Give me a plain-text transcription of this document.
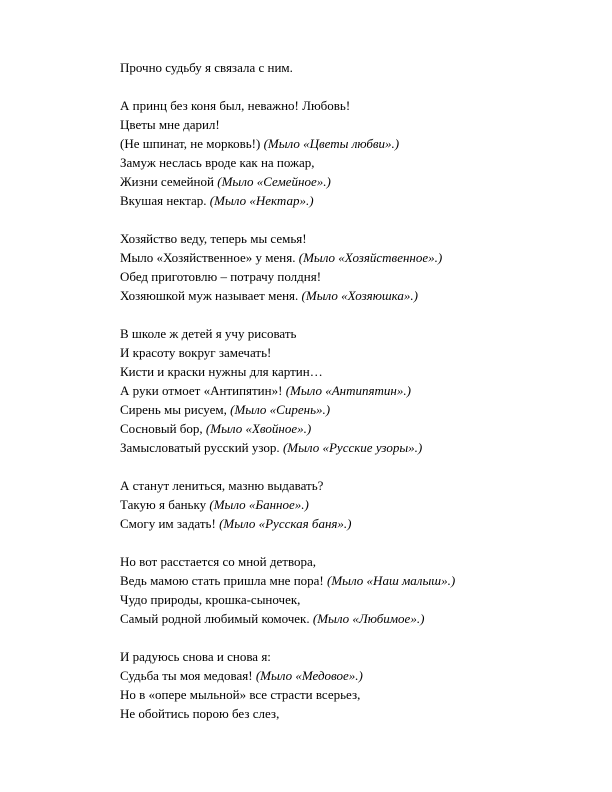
Прочно судьбу я связала с ним.
А принц без коня был, неважно! Любовь!
Цветы мне дарил!
(Не шпинат, не морковь!) (Мыло «Цветы любви».)
Замуж неслась вроде как на пожар,
Жизни семейной (Мыло «Семейное».)
Вкушая нектар. (Мыло «Нектар».)
Хозяйство веду, теперь мы семья!
Мыло «Хозяйственное» у меня. (Мыло «Хозяйственное».)
Обед приготовлю – потрачу полдня!
Хозяюшкой муж называет меня. (Мыло «Хозяюшка».)
В школе ж детей я учу рисовать
И красоту вокруг замечать!
Кисти и краски нужны для картин…
А руки отмоет «Антипятин»! (Мыло «Антипятин».)
Сирень мы рисуем, (Мыло «Сирень».)
Сосновый бор, (Мыло «Хвойное».)
Замысловатый русский узор. (Мыло «Русские узоры».)
А станут лениться, мазню выдавать?
Такую я баньку (Мыло «Банное».)
Смогу им задать! (Мыло «Русская баня».)
Но вот расстается со мной детвора,
Ведь мамою стать пришла мне пора! (Мыло «Наш малыш».)
Чудо природы, крошка-сыночек,
Самый родной любимый комочек. (Мыло «Любимое».)
И радуюсь снова и снова я:
Судьба ты моя медовая! (Мыло «Медовое».)
Но в «опере мыльной» все страсти всерьез,
Не обойтись порою без слез,
